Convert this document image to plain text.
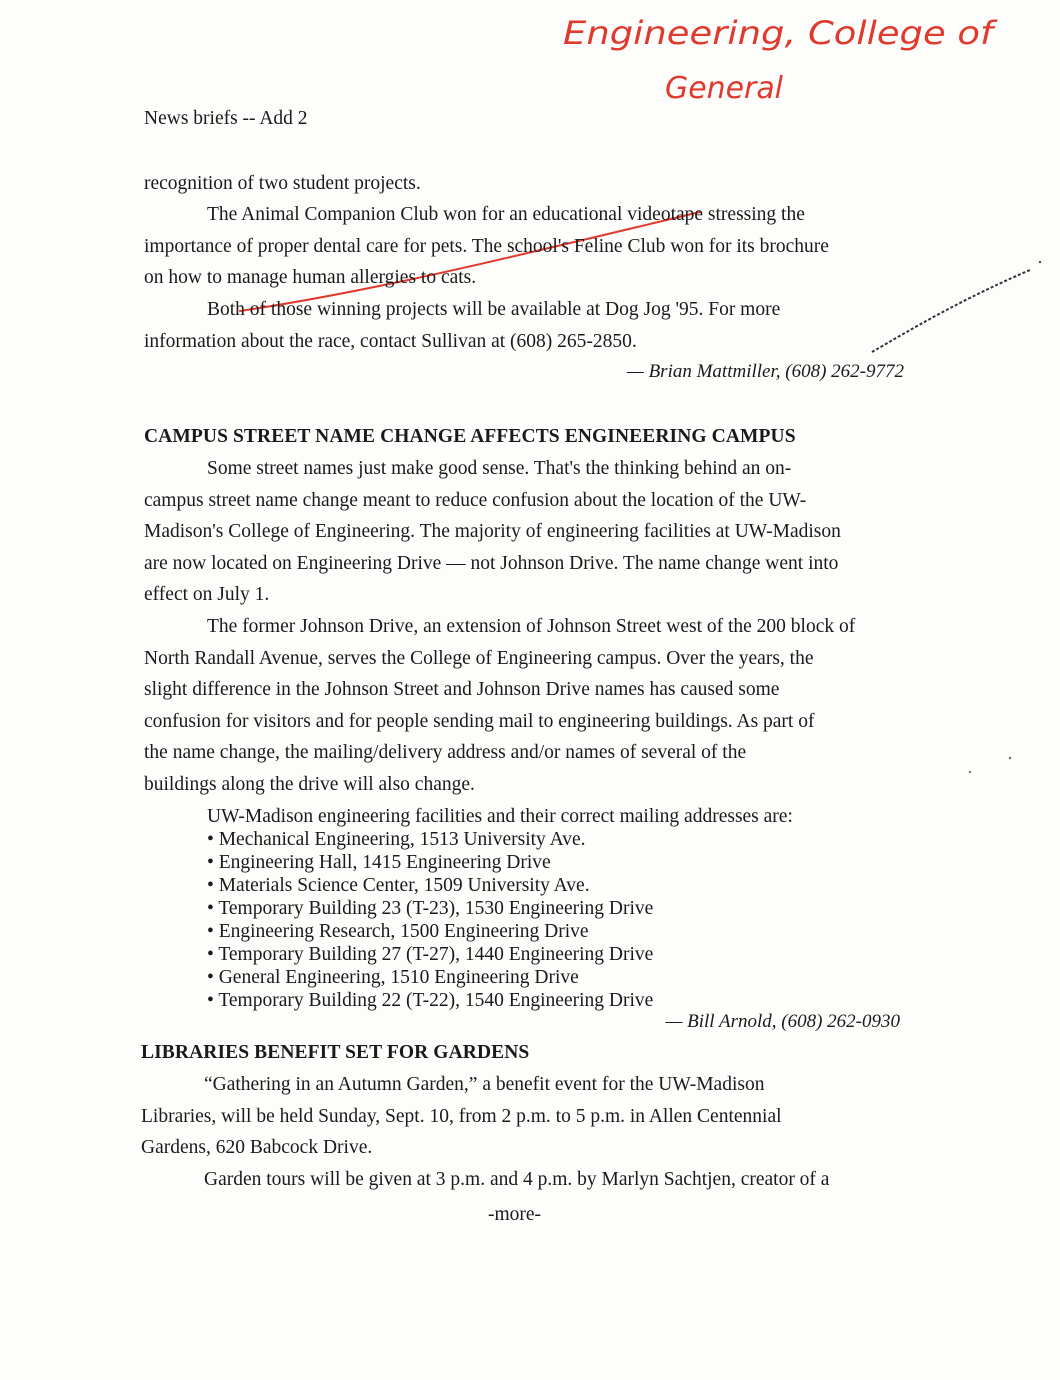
Engineering, College of
General
News briefs -- Add 2
recognition of two student projects.
The Animal Companion Club won for an educational videotape stressing the
importance of proper dental care for pets. The school's Feline Club won for its brochure
on how to manage human allergies to cats.
Both of those winning projects will be available at Dog Jog '95. For more
information about the race, contact Sullivan at (608) 265-2850.
— Brian Mattmiller, (608) 262-9772
CAMPUS STREET NAME CHANGE AFFECTS ENGINEERING CAMPUS
Some street names just make good sense. That's the thinking behind an on-
campus street name change meant to reduce confusion about the location of the UW-
Madison's College of Engineering. The majority of engineering facilities at UW-Madison
are now located on Engineering Drive — not Johnson Drive. The name change went into
effect on July 1.
The former Johnson Drive, an extension of Johnson Street west of the 200 block of
North Randall Avenue, serves the College of Engineering campus. Over the years, the
slight difference in the Johnson Street and Johnson Drive names has caused some
confusion for visitors and for people sending mail to engineering buildings. As part of
the name change, the mailing/delivery address and/or names of several of the
buildings along the drive will also change.
UW-Madison engineering facilities and their correct mailing addresses are:
• Mechanical Engineering, 1513 University Ave.
• Engineering Hall, 1415 Engineering Drive
• Materials Science Center, 1509 University Ave.
• Temporary Building 23 (T-23), 1530 Engineering Drive
• Engineering Research, 1500 Engineering Drive
• Temporary Building 27 (T-27), 1440 Engineering Drive
• General Engineering, 1510 Engineering Drive
• Temporary Building 22 (T-22), 1540 Engineering Drive
— Bill Arnold, (608) 262-0930
LIBRARIES BENEFIT SET FOR GARDENS
“Gathering in an Autumn Garden,” a benefit event for the UW-Madison
Libraries, will be held Sunday, Sept. 10, from 2 p.m. to 5 p.m. in Allen Centennial
Gardens, 620 Babcock Drive.
Garden tours will be given at 3 p.m. and 4 p.m. by Marlyn Sachtjen, creator of a
-more-
